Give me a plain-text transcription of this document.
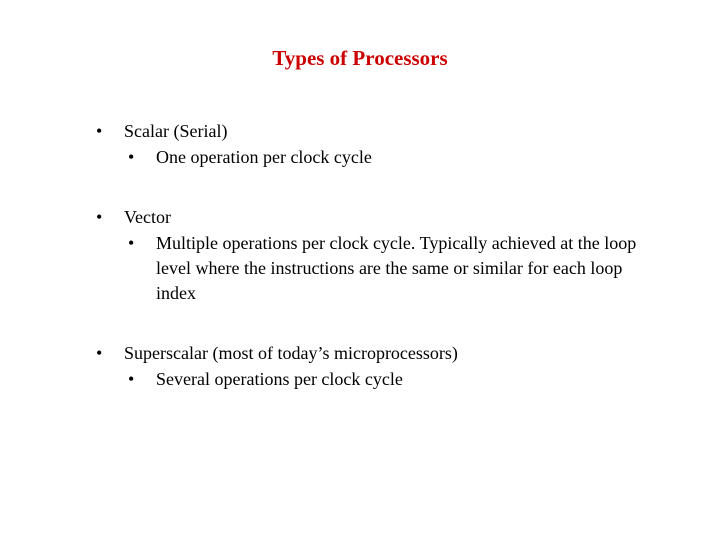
Types of Processors
•	Scalar (Serial)
•	One operation per clock cycle
•	Vector
•	Multiple operations per clock cycle. Typically achieved at the loop level where the instructions are the same or similar for each loop index
•	Superscalar (most of today’s microprocessors)
•	Several operations per clock cycle
